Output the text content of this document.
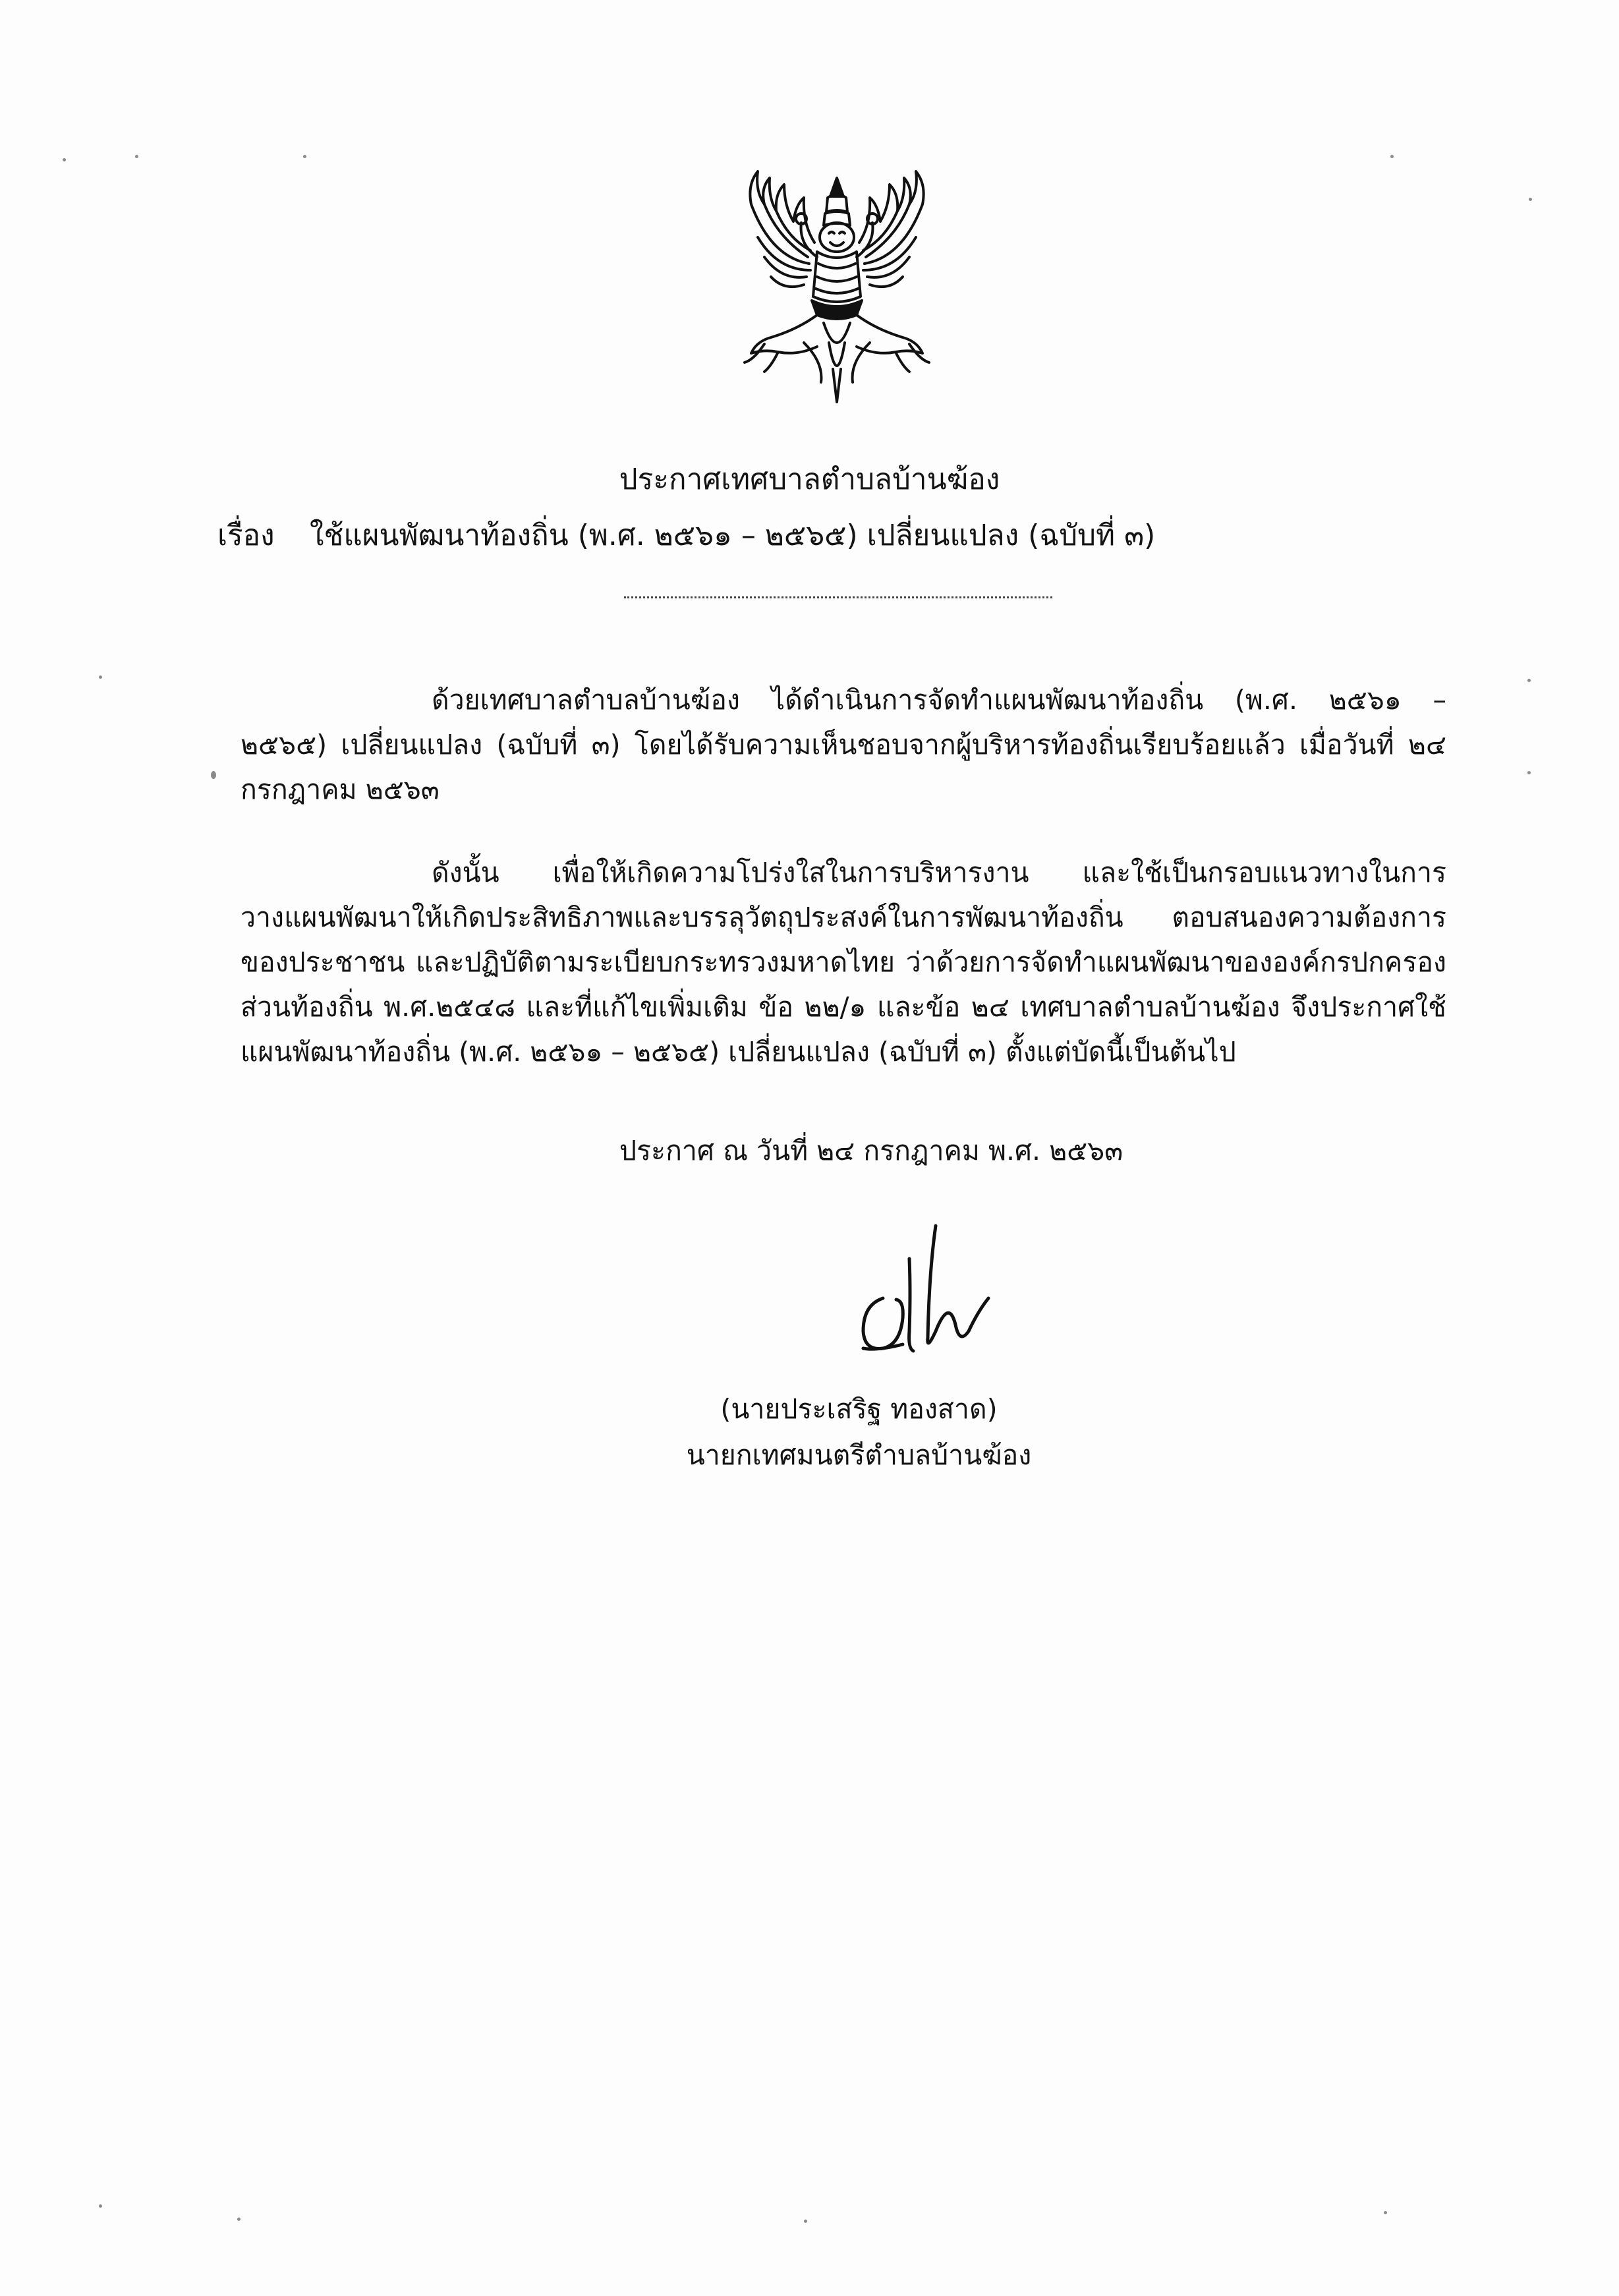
ประกาศเทศบาลตำบลบ้านฆ้อง
เรื่อง ใช้แผนพัฒนาท้องถิ่น (พ.ศ. ๒๕๖๑ – ๒๕๖๕) เปลี่ยนแปลง (ฉบับที่ ๓)
ด้วยเทศบาลตำบลบ้านฆ้อง ได้ดำเนินการจัดทำแผนพัฒนาท้องถิ่น (พ.ศ. ๒๕๖๑ – ๒๕๖๕) เปลี่ยนแปลง (ฉบับที่ ๓) โดยได้รับความเห็นชอบจากผู้บริหารท้องถิ่นเรียบร้อยแล้ว เมื่อวันที่ ๒๔ กรกฎาคม ๒๕๖๓
ดังนั้น เพื่อให้เกิดความโปร่งใสในการบริหารงาน และใช้เป็นกรอบแนวทางในการวางแผนพัฒนาให้เกิดประสิทธิภาพและบรรลุวัตถุประสงค์ในการพัฒนาท้องถิ่น ตอบสนองความต้องการของประชาชน และปฏิบัติตามระเบียบกระทรวงมหาดไทย ว่าด้วยการจัดทำแผนพัฒนาขององค์กรปกครองส่วนท้องถิ่น พ.ศ.๒๕๔๘ และที่แก้ไขเพิ่มเติม ข้อ ๒๒/๑ และข้อ ๒๔ เทศบาลตำบลบ้านฆ้อง จึงประกาศใช้แผนพัฒนาท้องถิ่น (พ.ศ. ๒๕๖๑ – ๒๕๖๕) เปลี่ยนแปลง (ฉบับที่ ๓) ตั้งแต่บัดนี้เป็นต้นไป
ประกาศ ณ วันที่ ๒๔ กรกฎาคม พ.ศ. ๒๕๖๓
(นายประเสริฐ ทองสาด)
นายกเทศมนตรีตำบลบ้านฆ้อง
